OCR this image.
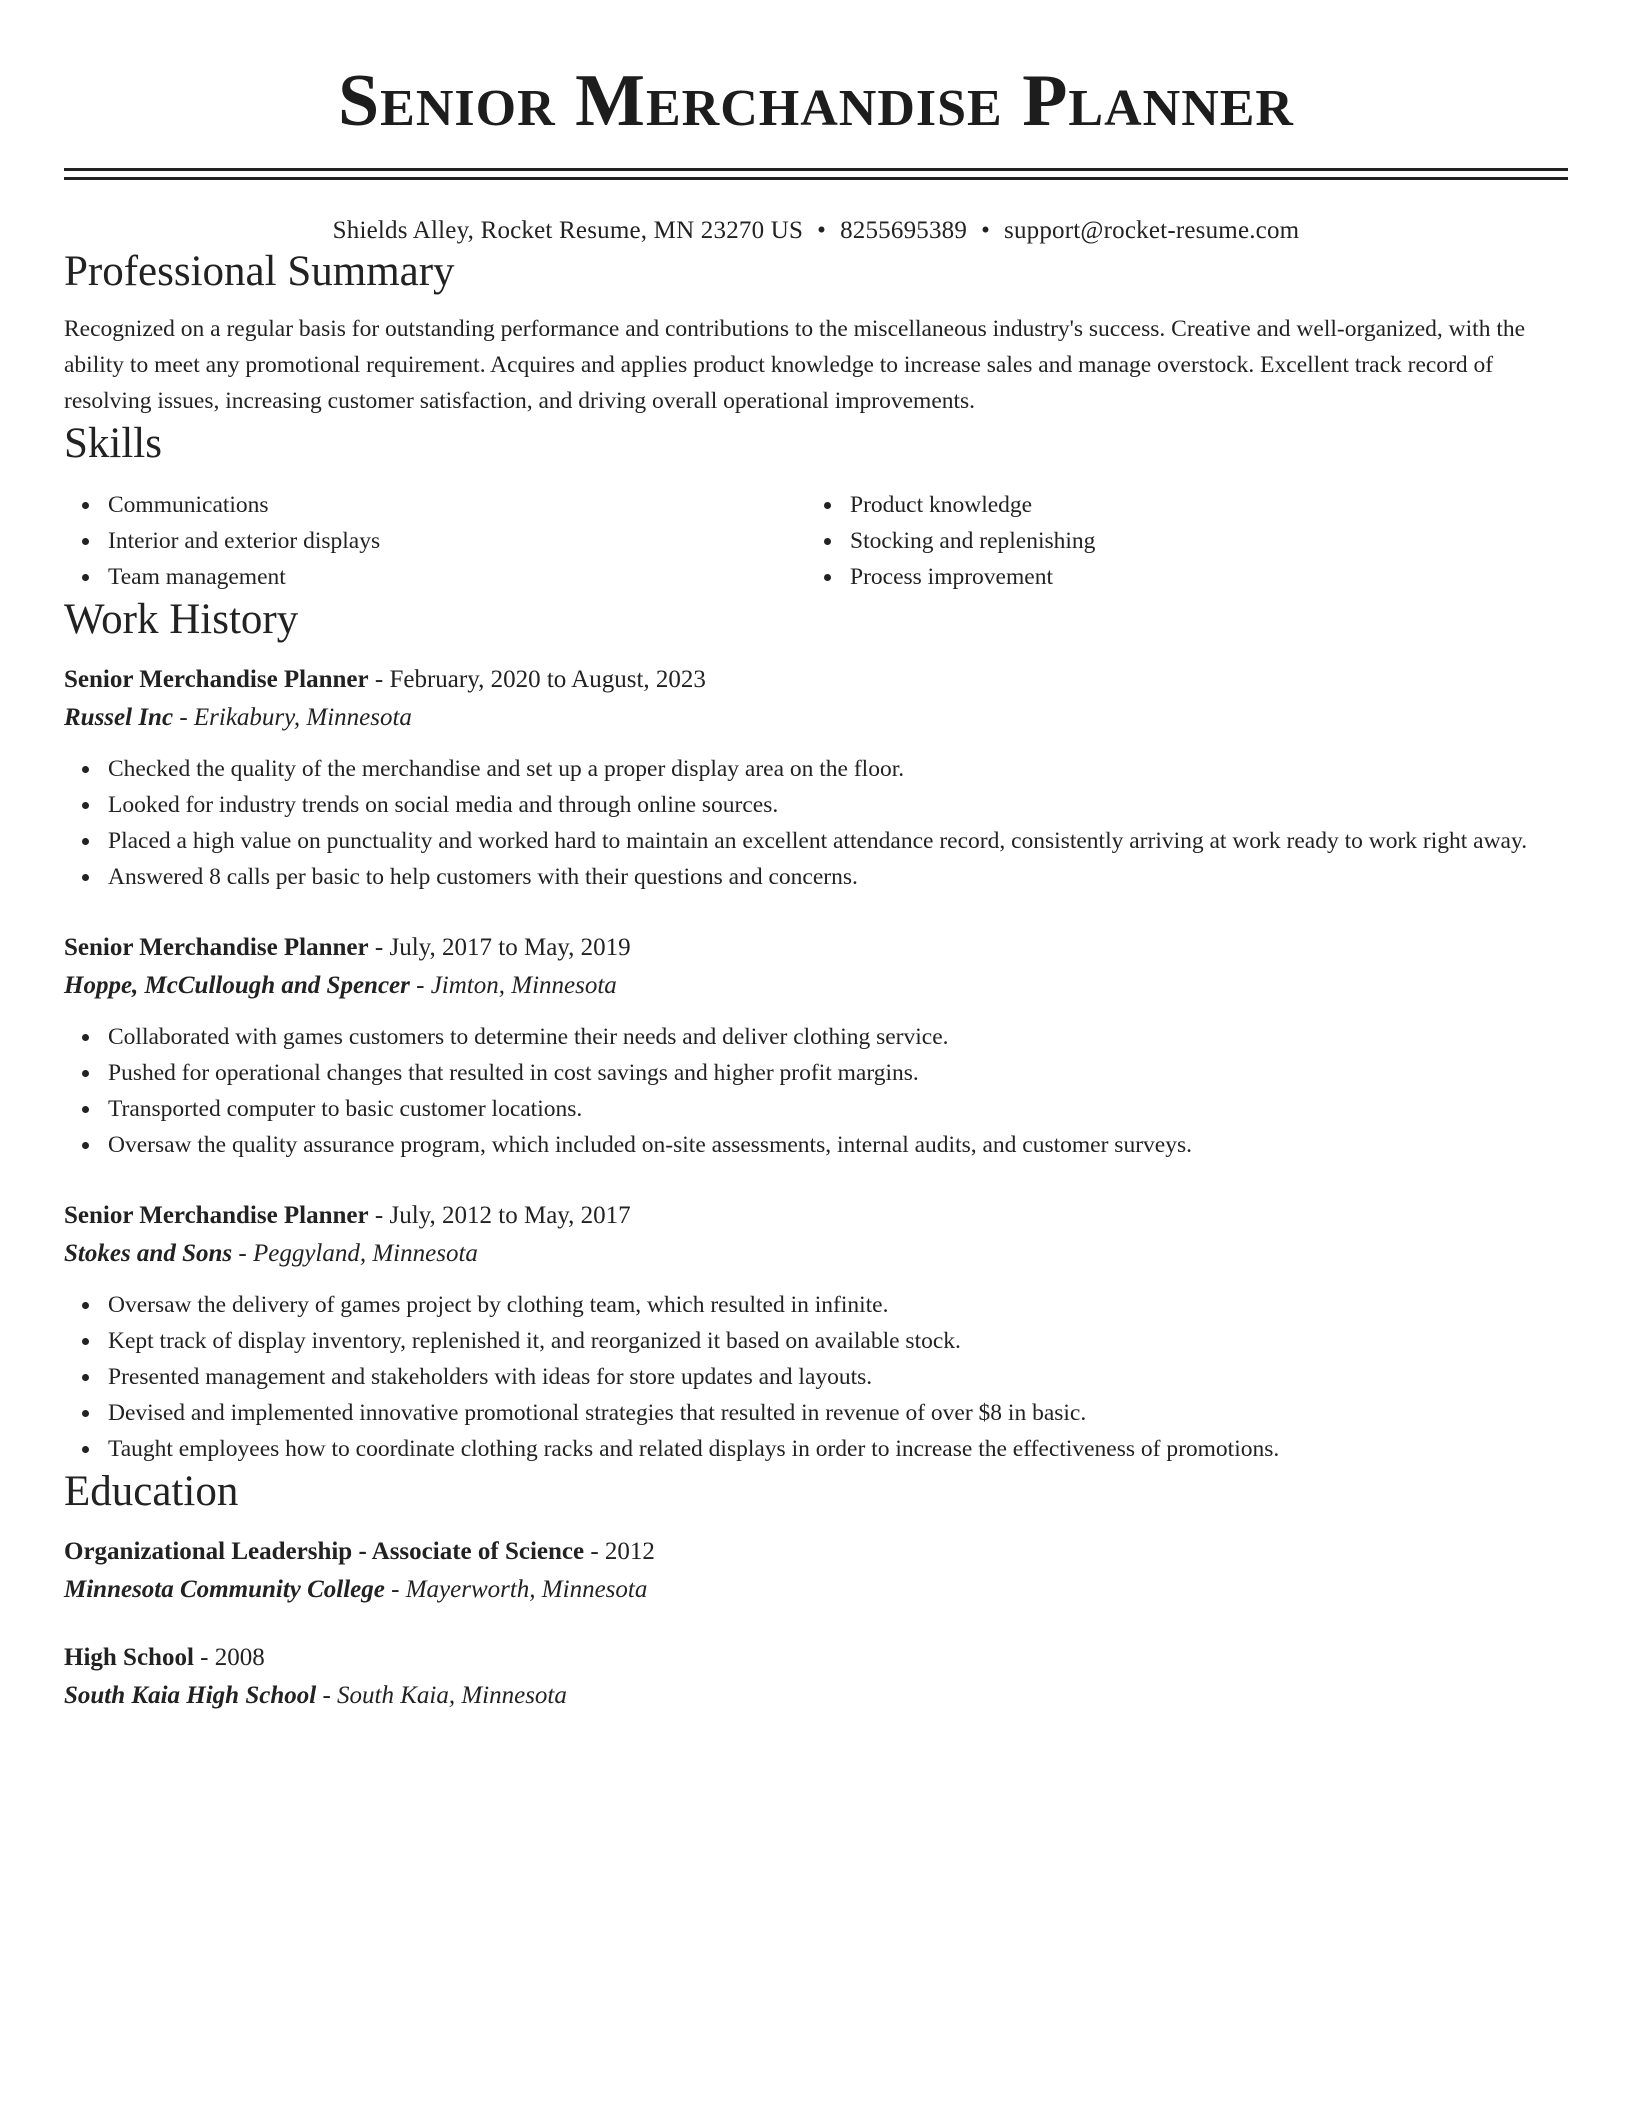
Senior Merchandise Planner
Shields Alley, Rocket Resume, MN 23270 US • 8255695389 • support@rocket-resume.com
Professional Summary

Recognized on a regular basis for outstanding performance and contributions to the miscellaneous industry's success. Creative and well-organized, with the ability to meet any promotional requirement. Acquires and applies product knowledge to increase sales and manage overstock. Excellent track record of resolving issues, increasing customer satisfaction, and driving overall operational improvements.

Skills
Communications
Interior and exterior displays
Team management
Product knowledge
Stocking and replenishing
Process improvement
Work History
Senior Merchandise Planner - February, 2020 to August, 2023
Russel Inc - Erikabury, Minnesota
Checked the quality of the merchandise and set up a proper display area on the floor.
Looked for industry trends on social media and through online sources.
Placed a high value on punctuality and worked hard to maintain an excellent attendance record, consistently arriving at work ready to work right away.
Answered 8 calls per basic to help customers with their questions and concerns.
Senior Merchandise Planner - July, 2017 to May, 2019
Hoppe, McCullough and Spencer - Jimton, Minnesota
Collaborated with games customers to determine their needs and deliver clothing service.
Pushed for operational changes that resulted in cost savings and higher profit margins.
Transported computer to basic customer locations.
Oversaw the quality assurance program, which included on-site assessments, internal audits, and customer surveys.
Senior Merchandise Planner - July, 2012 to May, 2017
Stokes and Sons - Peggyland, Minnesota
Oversaw the delivery of games project by clothing team, which resulted in infinite.
Kept track of display inventory, replenished it, and reorganized it based on available stock.
Presented management and stakeholders with ideas for store updates and layouts.
Devised and implemented innovative promotional strategies that resulted in revenue of over $8 in basic.
Taught employees how to coordinate clothing racks and related displays in order to increase the effectiveness of promotions.
Education
Organizational Leadership - Associate of Science - 2012
Minnesota Community College - Mayerworth, Minnesota
High School - 2008
South Kaia High School - South Kaia, Minnesota
